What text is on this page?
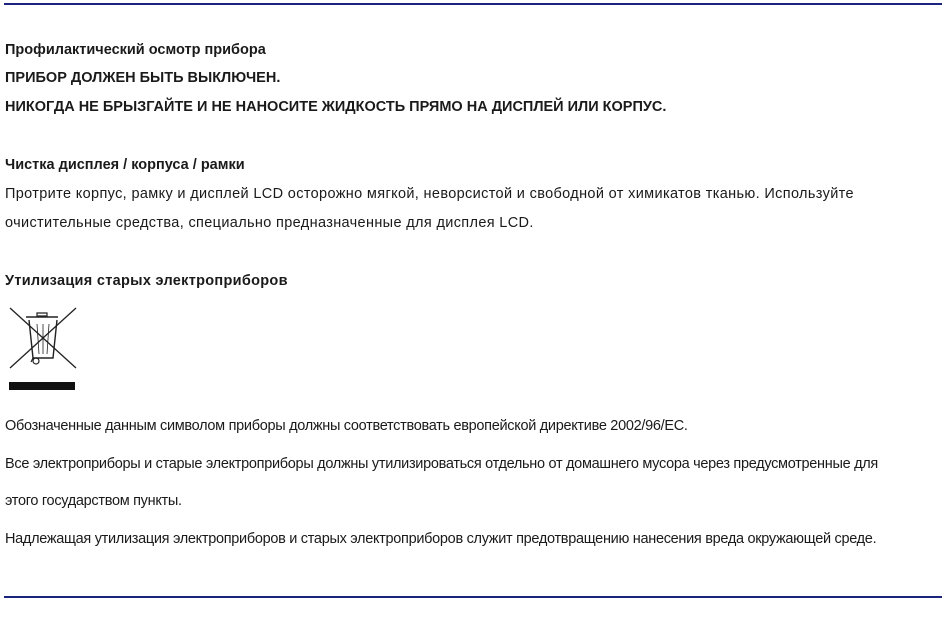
Профилактический осмотр прибора
ПРИБОР ДОЛЖЕН БЫТЬ ВЫКЛЮЧЕН.
НИКОГДА НЕ БРЫЗГАЙТЕ И НЕ НАНОСИТЕ ЖИДКОСТЬ ПРЯМО НА ДИСПЛЕЙ ИЛИ КОРПУС.
Чистка дисплея / корпуса / рамки
Протрите корпус, рамку и дисплей LCD осторожно мягкой, неворсистой и свободной от химикатов тканью. Используйте
очистительные средства, специально предназначенные для дисплея LCD.
Утилизация старых электроприборов
Обозначенные данным символом приборы должны соответствовать европейской директиве 2002/96/ЕС.
Все электроприборы и старые электроприборы должны утилизироваться отдельно от домашнего мусора через предусмотренные для
этого государством пункты.
Надлежащая утилизация электроприборов и старых электроприборов служит предотвращению нанесения вреда окружающей среде.
